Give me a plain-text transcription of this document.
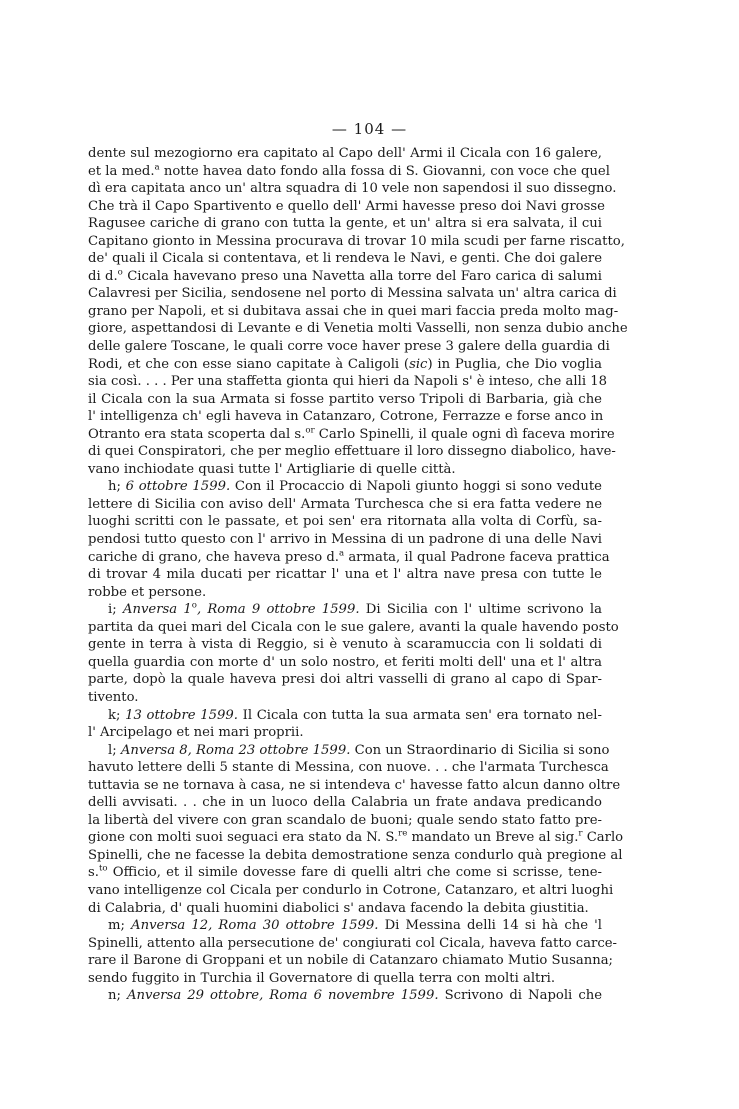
— 104 —
dente sul mezogiorno era capitato al Capo dell' Armi il Cicala con 16 galere,
et la med.$^a$ notte havea dato fondo alla fossa di S. Giovanni, con voce che quel
dì era capitata anco un' altra squadra di 10 vele non sapendosi il suo dissegno.
Che trà il Capo Spartivento e quello dell' Armi havesse preso doi Navi grosse
Ragusee cariche di grano con tutta la gente, et un' altra si era salvata, il cui
Capitano gionto in Messina procurava di trovar 10 mila scudi per farne riscatto,
de' quali il Cicala si contentava, et li rendeva le Navi, e genti. Che doi galere
di d.$^o$ Cicala havevano preso una Navetta alla torre del Faro carica di salumi
Calavresi per Sicilia, sendosene nel porto di Messina salvata un' altra carica di
grano per Napoli, et si dubitava assai che in quei mari faccia preda molto mag-
giore, aspettandosi di Levante e di Venetia molti Vasselli, non senza dubio anche
delle galere Toscane, le quali corre voce haver prese 3 galere della guardia di
Rodi, et che con esse siano capitate à Caligoli (sic) in Puglia, che Dio voglia
sia così. . . . Per una staffetta gionta qui hieri da Napoli s' è inteso, che alli 18
il Cicala con la sua Armata si fosse partito verso Tripoli di Barbaria, già che
l' intelligenza ch' egli haveva in Catanzaro, Cotrone, Ferrazze e forse anco in
Otranto era stata scoperta dal s.$^{or}$ Carlo Spinelli, il quale ogni dì faceva morire
di quei Conspiratori, che per meglio effettuare il loro dissegno diabolico, have-
vano inchiodate quasi tutte l' Artigliarie di quelle città.
h; 6 ottobre 1599. Con il Procaccio di Napoli giunto hoggi si sono vedute
lettere di Sicilia con aviso dell' Armata Turchesca che si era fatta vedere ne
luoghi scritti con le passate, et poi sen' era ritornata alla volta di Corfù, sa-
pendosi tutto questo con l' arrivo in Messina di un padrone di una delle Navi
cariche di grano, che haveva preso d.$^a$ armata, il qual Padrone faceva prattica
di trovar 4 mila ducati per ricattar l' una et l' altra nave presa con tutte le
robbe et persone.
i; Anversa 1$^o$, Roma 9 ottobre 1599. Di Sicilia con l' ultime scrivono la
partita da quei mari del Cicala con le sue galere, avanti la quale havendo posto
gente in terra à vista di Reggio, si è venuto à scaramuccia con li soldati di
quella guardia con morte d' un solo nostro, et feriti molti dell' una et l' altra
parte, dopò la quale haveva presi doi altri vasselli di grano al capo di Spar-
tivento.
k; 13 ottobre 1599. Il Cicala con tutta la sua armata sen' era tornato nel-
l' Arcipelago et nei mari proprii.
l; Anversa 8, Roma 23 ottobre 1599. Con un Straordinario di Sicilia si sono
havuto lettere delli 5 stante di Messina, con nuove. . . che l'armata Turchesca
tuttavia se ne tornava à casa, ne si intendeva c' havesse fatto alcun danno oltre
delli avvisati. . . che in un luoco della Calabria un frate andava predicando
la libertà del vivere con gran scandalo de buoni; quale sendo stato fatto pre-
gione con molti suoi seguaci era stato da N. S.$^{re}$ mandato un Breve al sig.$^r$ Carlo
Spinelli, che ne facesse la debita demostratione senza condurlo quà pregione al
s.$^{to}$ Officio, et il simile dovesse fare di quelli altri che come si scrisse, tene-
vano intelligenze col Cicala per condurlo in Cotrone, Catanzaro, et altri luoghi
di Calabria, d' quali huomini diabolici s' andava facendo la debita giustitia.
m; Anversa 12, Roma 30 ottobre 1599. Di Messina delli 14 si hà che 'l
Spinelli, attento alla persecutione de' congiurati col Cicala, haveva fatto carce-
rare il Barone di Groppani et un nobile di Catanzaro chiamato Mutio Susanna;
sendo fuggito in Turchia il Governatore di quella terra con molti altri.
n; Anversa 29 ottobre, Roma 6 novembre 1599. Scrivono di Napoli che
